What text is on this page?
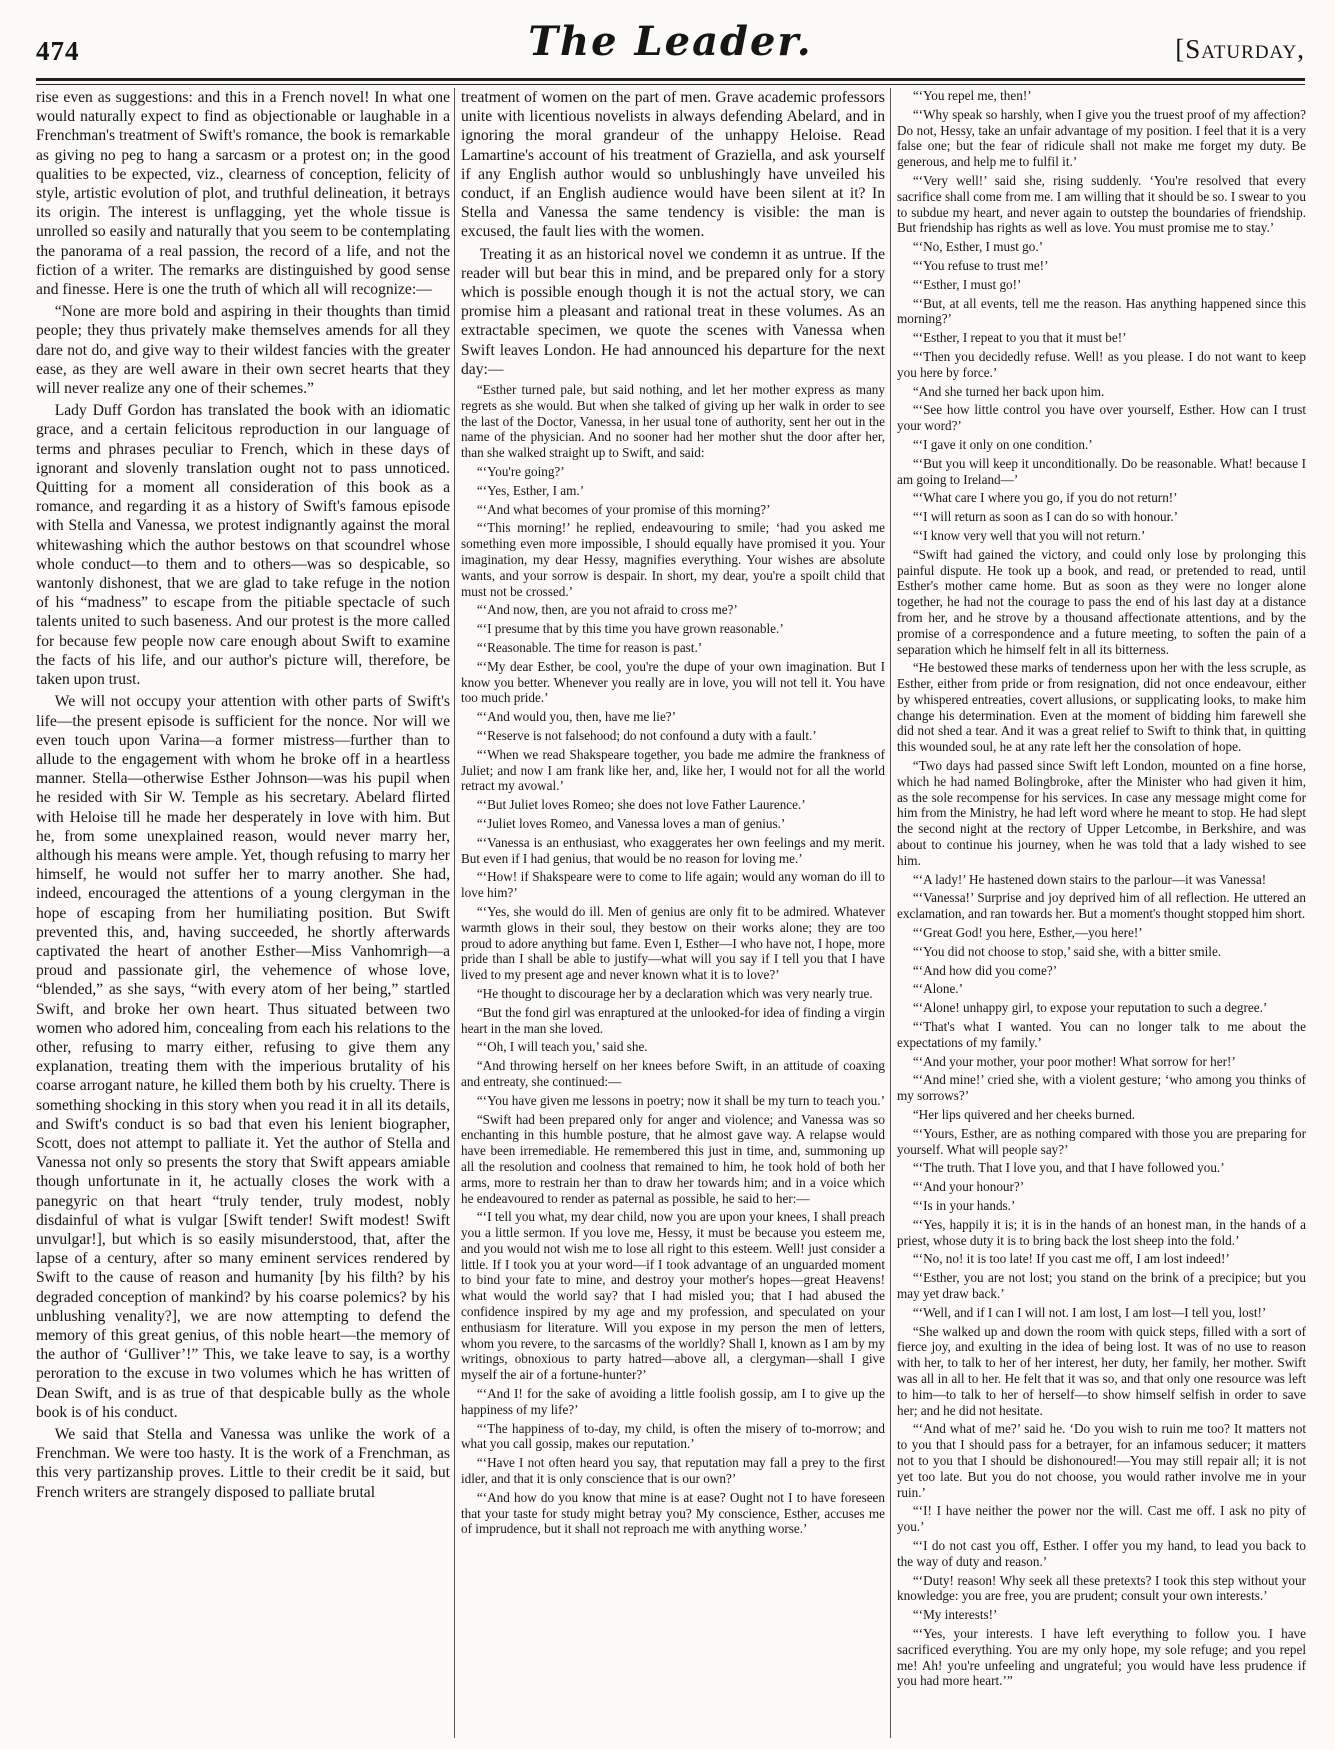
474	The Leader.	[Saturday,

rise even as suggestions: and this in a French novel! In what one would naturally expect to find as objectionable or laughable in a Frenchman's treatment of Swift's romance, the book is remarkable as giving no peg to hang a sarcasm or a protest on; in the good qualities to be expected, viz., clearness of conception, felicity of style, artistic evolution of plot, and truthful delineation, it betrays its origin. The interest is unflagging, yet the whole tissue is unrolled so easily and naturally that you seem to be contemplating the panorama of a real passion, the record of a life, and not the fiction of a writer. The remarks are distinguished by good sense and finesse. Here is one the truth of which all will recognize:—

“None are more bold and aspiring in their thoughts than timid people; they thus privately make themselves amends for all they dare not do, and give way to their wildest fancies with the greater ease, as they are well aware in their own secret hearts that they will never realize any one of their schemes.”

Lady Duff Gordon has translated the book with an idiomatic grace, and a certain felicitous reproduction in our language of terms and phrases peculiar to French, which in these days of ignorant and slovenly translation ought not to pass unnoticed. Quitting for a moment all consideration of this book as a romance, and regarding it as a history of Swift's famous episode with Stella and Vanessa, we protest indignantly against the moral whitewashing which the author bestows on that scoundrel whose whole conduct—to them and to others—was so despicable, so wantonly dishonest, that we are glad to take refuge in the notion of his “madness” to escape from the pitiable spectacle of such talents united to such baseness. And our protest is the more called for because few people now care enough about Swift to examine the facts of his life, and our author's picture will, therefore, be taken upon trust.

We will not occupy your attention with other parts of Swift's life—the present episode is sufficient for the nonce. Nor will we even touch upon Varina—a former mistress—further than to allude to the engagement with whom he broke off in a heartless manner. Stella—otherwise Esther Johnson—was his pupil when he resided with Sir W. Temple as his secretary. Abelard flirted with Heloise till he made her desperately in love with him. But he, from some unexplained reason, would never marry her, although his means were ample. Yet, though refusing to marry her himself, he would not suffer her to marry another. She had, indeed, encouraged the attentions of a young clergyman in the hope of escaping from her humiliating position. But Swift prevented this, and, having succeeded, he shortly afterwards captivated the heart of another Esther—Miss Vanhomrigh—a proud and passionate girl, the vehemence of whose love, “blended,” as she says, “with every atom of her being,” startled Swift, and broke her own heart. Thus situated between two women who adored him, concealing from each his relations to the other, refusing to marry either, refusing to give them any explanation, treating them with the imperious brutality of his coarse arrogant nature, he killed them both by his cruelty. There is something shocking in this story when you read it in all its details, and Swift's conduct is so bad that even his lenient biographer, Scott, does not attempt to palliate it. Yet the author of Stella and Vanessa not only so presents the story that Swift appears amiable though unfortunate in it, he actually closes the work with a panegyric on that heart “truly tender, truly modest, nobly disdainful of what is vulgar [Swift tender! Swift modest! Swift unvulgar!], but which is so easily misunderstood, that, after the lapse of a century, after so many eminent services rendered by Swift to the cause of reason and humanity [by his filth? by his degraded conception of mankind? by his coarse polemics? by his unblushing venality?], we are now attempting to defend the memory of this great genius, of this noble heart—the memory of the author of ‘Gulliver’!” This, we take leave to say, is a worthy peroration to the excuse in two volumes which he has written of Dean Swift, and is as true of that despicable bully as the whole book is of his conduct.

We said that Stella and Vanessa was unlike the work of a Frenchman. We were too hasty. It is the work of a Frenchman, as this very partizanship proves. Little to their credit be it said, but French writers are strangely disposed to palliate brutal

treatment of women on the part of men. Grave academic professors unite with licentious novelists in always defending Abelard, and in ignoring the moral grandeur of the unhappy Heloise. Read Lamartine's account of his treatment of Graziella, and ask yourself if any English author would so unblushingly have unveiled his conduct, if an English audience would have been silent at it? In Stella and Vanessa the same tendency is visible: the man is excused, the fault lies with the women.

Treating it as an historical novel we condemn it as untrue. If the reader will but bear this in mind, and be prepared only for a story which is possible enough though it is not the actual story, we can promise him a pleasant and rational treat in these volumes. As an extractable specimen, we quote the scenes with Vanessa when Swift leaves London. He had announced his departure for the next day:—

“Esther turned pale, but said nothing, and let her mother express as many regrets as she would. But when she talked of giving up her walk in order to see the last of the Doctor, Vanessa, in her usual tone of authority, sent her out in the name of the physician. And no sooner had her mother shut the door after her, than she walked straight up to Swift, and said:

“‘You're going?’

“‘Yes, Esther, I am.’

“‘And what becomes of your promise of this morning?’

“‘This morning!’ he replied, endeavouring to smile; ‘had you asked me something even more impossible, I should equally have promised it you. Your imagination, my dear Hessy, magnifies everything. Your wishes are absolute wants, and your sorrow is despair. In short, my dear, you're a spoilt child that must not be crossed.’

“‘And now, then, are you not afraid to cross me?’

“‘I presume that by this time you have grown reasonable.’

“‘Reasonable. The time for reason is past.’

“‘My dear Esther, be cool, you're the dupe of your own imagination. But I know you better. Whenever you really are in love, you will not tell it. You have too much pride.’

“‘And would you, then, have me lie?’

“‘Reserve is not falsehood; do not confound a duty with a fault.’

“‘When we read Shakspeare together, you bade me admire the frankness of Juliet; and now I am frank like her, and, like her, I would not for all the world retract my avowal.’

“‘But Juliet loves Romeo; she does not love Father Laurence.’

“‘Juliet loves Romeo, and Vanessa loves a man of genius.’

“‘Vanessa is an enthusiast, who exaggerates her own feelings and my merit. But even if I had genius, that would be no reason for loving me.’

“‘How! if Shakspeare were to come to life again; would any woman do ill to love him?’

“‘Yes, she would do ill. Men of genius are only fit to be admired. Whatever warmth glows in their soul, they bestow on their works alone; they are too proud to adore anything but fame. Even I, Esther—I who have not, I hope, more pride than I shall be able to justify—what will you say if I tell you that I have lived to my present age and never known what it is to love?’

“He thought to discourage her by a declaration which was very nearly true.

“But the fond girl was enraptured at the unlooked-for idea of finding a virgin heart in the man she loved.

“‘Oh, I will teach you,’ said she.

“And throwing herself on her knees before Swift, in an attitude of coaxing and entreaty, she continued:—

“‘You have given me lessons in poetry; now it shall be my turn to teach you.’

“Swift had been prepared only for anger and violence; and Vanessa was so enchanting in this humble posture, that he almost gave way. A relapse would have been irremediable. He remembered this just in time, and, summoning up all the resolution and coolness that remained to him, he took hold of both her arms, more to restrain her than to draw her towards him; and in a voice which he endeavoured to render as paternal as possible, he said to her:—

“‘I tell you what, my dear child, now you are upon your knees, I shall preach you a little sermon. If you love me, Hessy, it must be because you esteem me, and you would not wish me to lose all right to this esteem. Well! just consider a little. If I took you at your word—if I took advantage of an unguarded moment to bind your fate to mine, and destroy your mother's hopes—great Heavens! what would the world say? that I had misled you; that I had abused the confidence inspired by my age and my profession, and speculated on your enthusiasm for literature. Will you expose in my person the men of letters, whom you revere, to the sarcasms of the worldly? Shall I, known as I am by my writings, obnoxious to party hatred—above all, a clergyman—shall I give myself the air of a fortune-hunter?’

“‘And I! for the sake of avoiding a little foolish gossip, am I to give up the happiness of my life?’

“‘The happiness of to-day, my child, is often the misery of to-morrow; and what you call gossip, makes our reputation.’

“‘Have I not often heard you say, that reputation may fall a prey to the first idler, and that it is only conscience that is our own?’

“‘And how do you know that mine is at ease? Ought not I to have foreseen that your taste for study might betray you? My conscience, Esther, accuses me of imprudence, but it shall not reproach me with anything worse.’

“‘You repel me, then!’

“‘Why speak so harshly, when I give you the truest proof of my affection? Do not, Hessy, take an unfair advantage of my position. I feel that it is a very false one; but the fear of ridicule shall not make me forget my duty. Be generous, and help me to fulfil it.’

“‘Very well!’ said she, rising suddenly. ‘You're resolved that every sacrifice shall come from me. I am willing that it should be so. I swear to you to subdue my heart, and never again to outstep the boundaries of friendship. But friendship has rights as well as love. You must promise me to stay.’

“‘No, Esther, I must go.’

“‘You refuse to trust me!’

“‘Esther, I must go!’

“‘But, at all events, tell me the reason. Has anything happened since this morning?’

“‘Esther, I repeat to you that it must be!’

“‘Then you decidedly refuse. Well! as you please. I do not want to keep you here by force.’

“And she turned her back upon him.

“‘See how little control you have over yourself, Esther. How can I trust your word?’

“‘I gave it only on one condition.’

“‘But you will keep it unconditionally. Do be reasonable. What! because I am going to Ireland—’

“‘What care I where you go, if you do not return!’

“‘I will return as soon as I can do so with honour.’

“‘I know very well that you will not return.’

“Swift had gained the victory, and could only lose by prolonging this painful dispute. He took up a book, and read, or pretended to read, until Esther's mother came home. But as soon as they were no longer alone together, he had not the courage to pass the end of his last day at a distance from her, and he strove by a thousand affectionate attentions, and by the promise of a correspondence and a future meeting, to soften the pain of a separation which he himself felt in all its bitterness.

“He bestowed these marks of tenderness upon her with the less scruple, as Esther, either from pride or from resignation, did not once endeavour, either by whispered entreaties, covert allusions, or supplicating looks, to make him change his determination. Even at the moment of bidding him farewell she did not shed a tear. And it was a great relief to Swift to think that, in quitting this wounded soul, he at any rate left her the consolation of hope.

“Two days had passed since Swift left London, mounted on a fine horse, which he had named Bolingbroke, after the Minister who had given it him, as the sole recompense for his services. In case any message might come for him from the Ministry, he had left word where he meant to stop. He had slept the second night at the rectory of Upper Letcombe, in Berkshire, and was about to continue his journey, when he was told that a lady wished to see him.

“‘A lady!’ He hastened down stairs to the parlour—it was Vanessa!

“‘Vanessa!’ Surprise and joy deprived him of all reflection. He uttered an exclamation, and ran towards her. But a moment's thought stopped him short.

“‘Great God! you here, Esther,—you here!’

“‘You did not choose to stop,’ said she, with a bitter smile.

“‘And how did you come?’

“‘Alone.’

“‘Alone! unhappy girl, to expose your reputation to such a degree.’

“‘That's what I wanted. You can no longer talk to me about the expectations of my family.’

“‘And your mother, your poor mother! What sorrow for her!’

“‘And mine!’ cried she, with a violent gesture; ‘who among you thinks of my sorrows?’

“Her lips quivered and her cheeks burned.

“‘Yours, Esther, are as nothing compared with those you are preparing for yourself. What will people say?’

“‘The truth. That I love you, and that I have followed you.’

“‘And your honour?’

“‘Is in your hands.’

“‘Yes, happily it is; it is in the hands of an honest man, in the hands of a priest, whose duty it is to bring back the lost sheep into the fold.’

“‘No, no! it is too late! If you cast me off, I am lost indeed!’

“‘Esther, you are not lost; you stand on the brink of a precipice; but you may yet draw back.’

“‘Well, and if I can I will not. I am lost, I am lost—I tell you, lost!’

“She walked up and down the room with quick steps, filled with a sort of fierce joy, and exulting in the idea of being lost. It was of no use to reason with her, to talk to her of her interest, her duty, her family, her mother. Swift was all in all to her. He felt that it was so, and that only one resource was left to him—to talk to her of herself—to show himself selfish in order to save her; and he did not hesitate.

“‘And what of me?’ said he. ‘Do you wish to ruin me too? It matters not to you that I should pass for a betrayer, for an infamous seducer; it matters not to you that I should be dishonoured!—You may still repair all; it is not yet too late. But you do not choose, you would rather involve me in your ruin.’

“‘I! I have neither the power nor the will. Cast me off. I ask no pity of you.’

“‘I do not cast you off, Esther. I offer you my hand, to lead you back to the way of duty and reason.’

“‘Duty! reason! Why seek all these pretexts? I took this step without your knowledge: you are free, you are prudent; consult your own interests.’

“‘My interests!’

“‘Yes, your interests. I have left everything to follow you. I have sacrificed everything. You are my only hope, my sole refuge; and you repel me! Ah! you're unfeeling and ungrateful; you would have less prudence if you had more heart.’”
